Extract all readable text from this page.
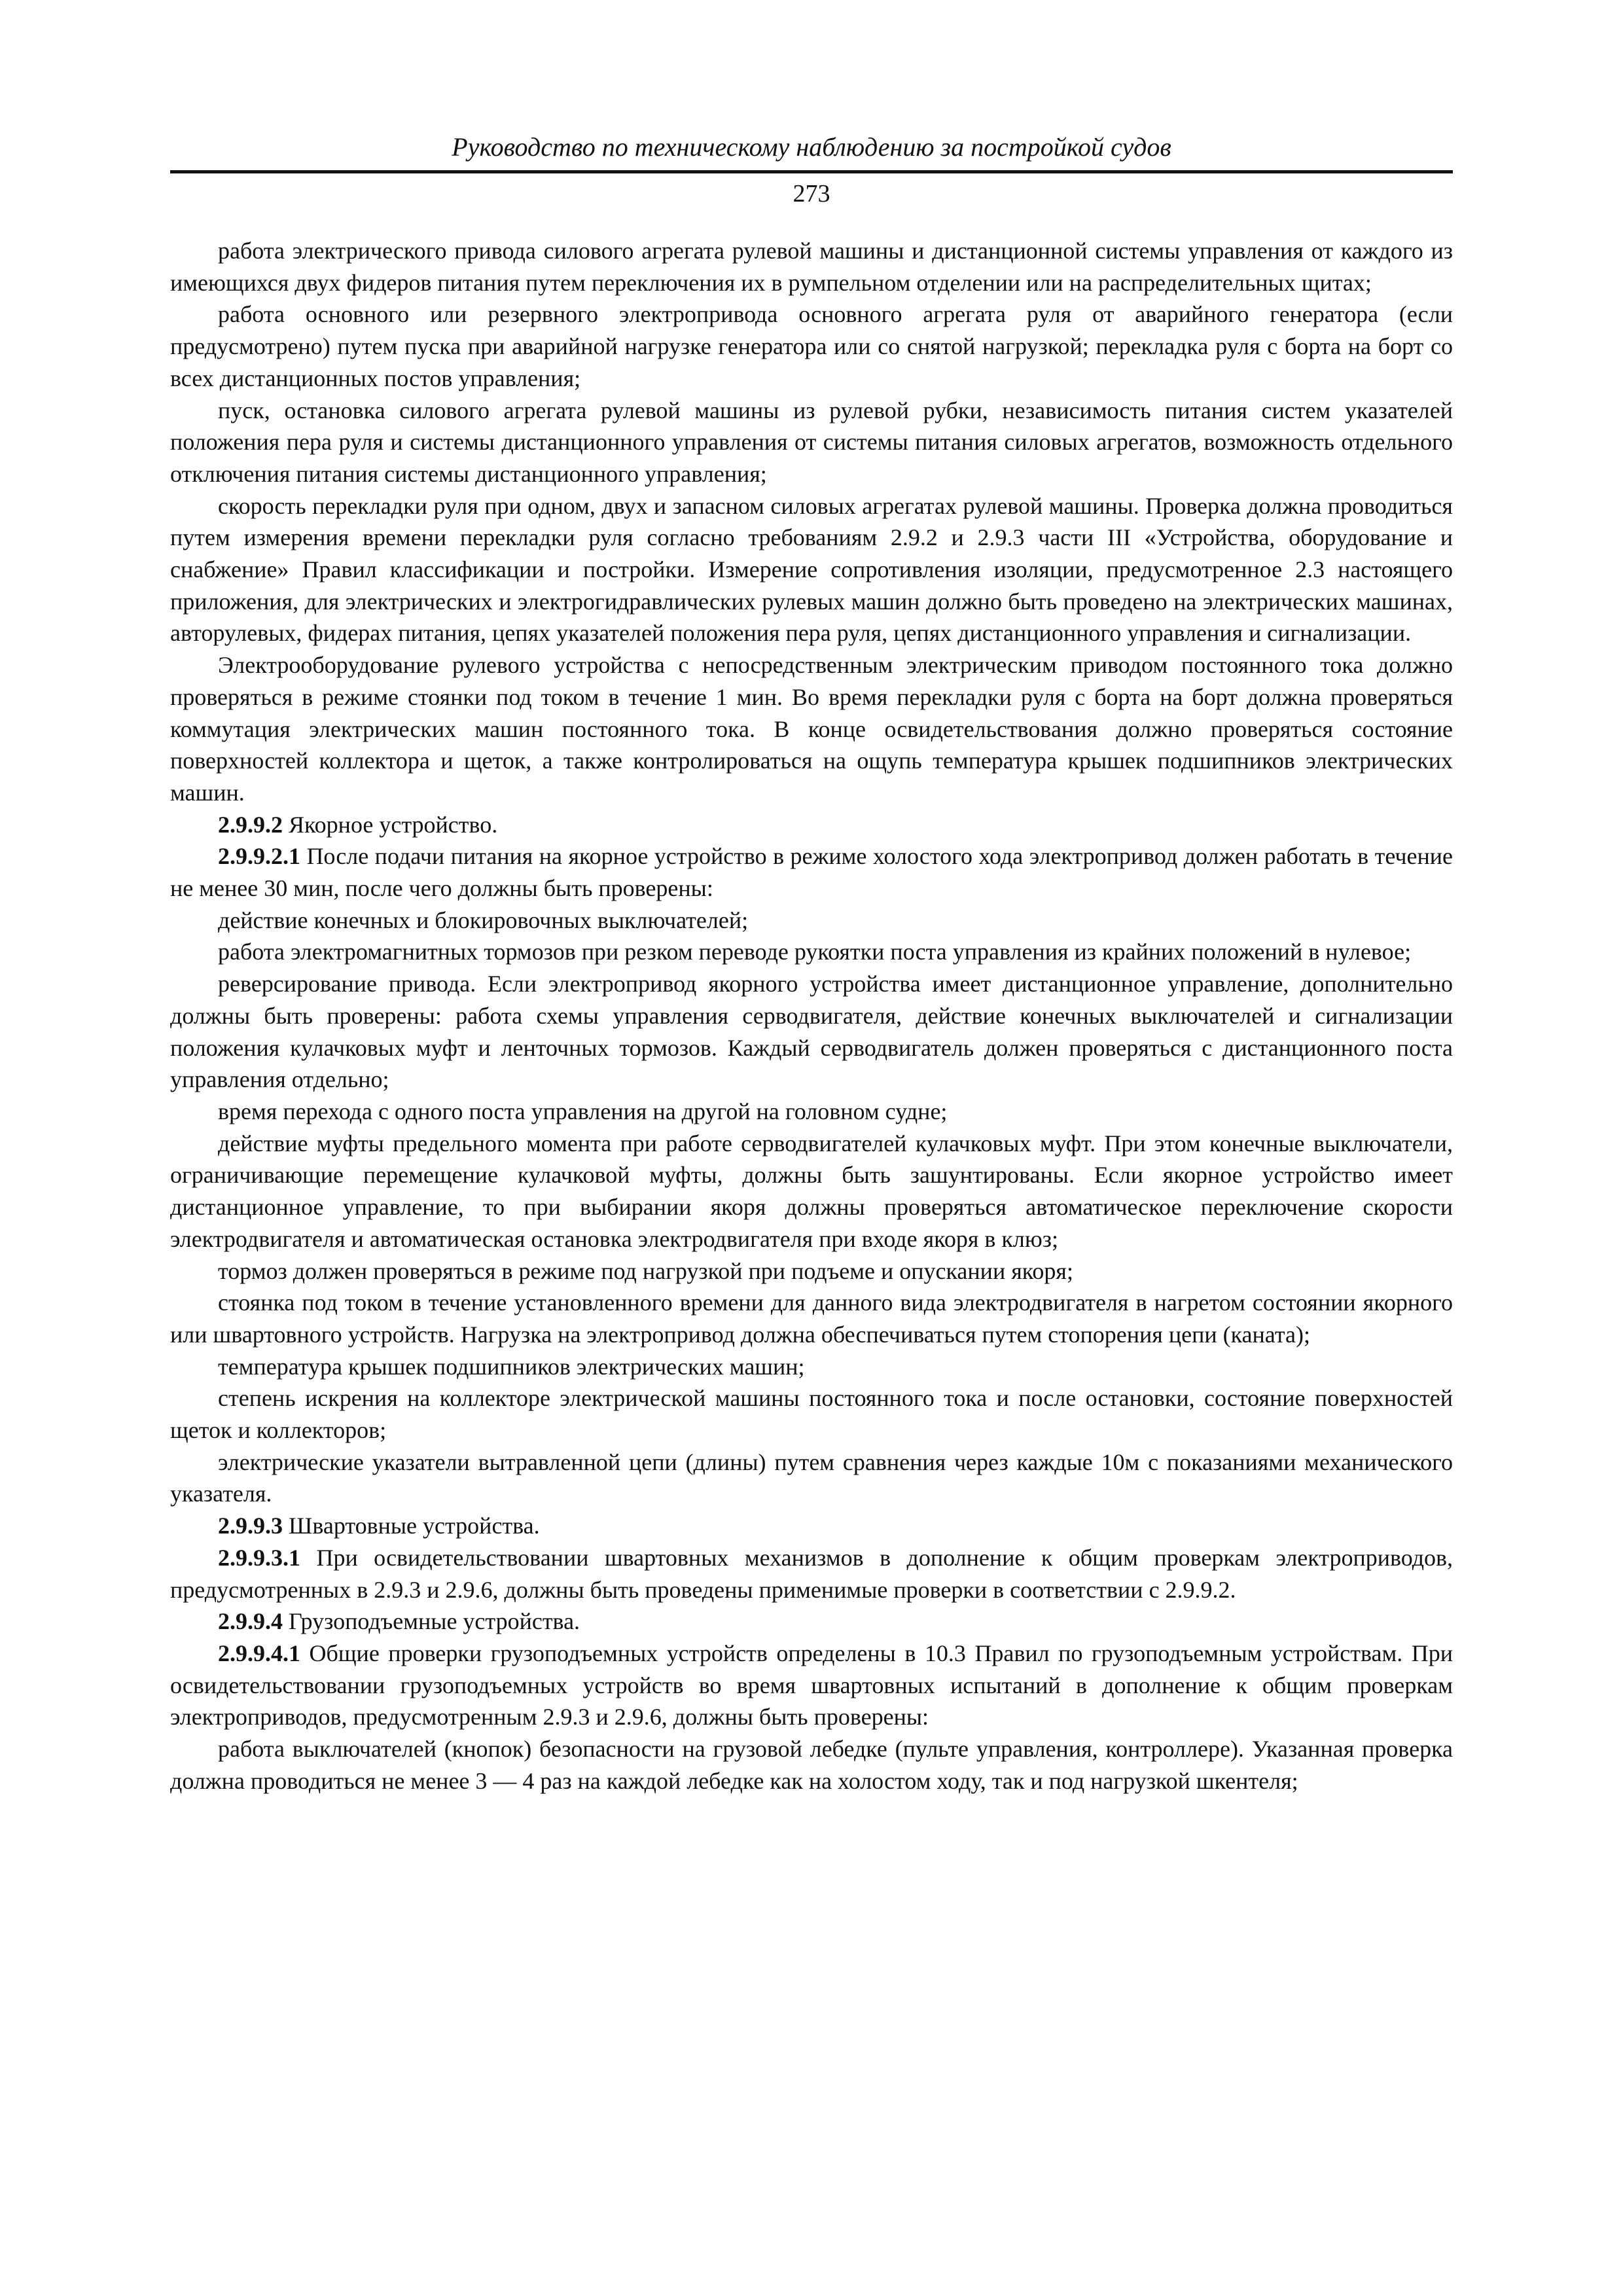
Руководство по техническому наблюдению за постройкой судов
273

работа электрического привода силового агрегата рулевой машины и дистанционной системы управления от каждого из имеющихся двух фидеров питания путем переключения их в румпельном отделении или на распределительных щитах;

работа основного или резервного электропривода основного агрегата руля от аварийного генератора (если предусмотрено) путем пуска при аварийной нагрузке генератора или со снятой нагрузкой; перекладка руля с борта на борт со всех дистанционных постов управления;

пуск, остановка силового агрегата рулевой машины из рулевой рубки, независимость питания систем указателей положения пера руля и системы дистанционного управления от системы питания силовых агрегатов, возможность отдельного отключения питания системы дистанционного управления;

скорость перекладки руля при одном, двух и запасном силовых агрегатах рулевой машины. Проверка должна проводиться путем измерения времени перекладки руля согласно требованиям 2.9.2 и 2.9.3 части III «Устройства, оборудование и снабжение» Правил классификации и постройки. Измерение сопротивления изоляции, предусмотренное 2.3 настоящего приложения, для электрических и электрогидравлических рулевых машин должно быть проведено на электрических машинах, авторулевых, фидерах питания, цепях указателей положения пера руля, цепях дистанционного управления и сигнализации.

Электрооборудование рулевого устройства с непосредственным электрическим приводом постоянного тока должно проверяться в режиме стоянки под током в течение 1 мин. Во время перекладки руля с борта на борт должна проверяться коммутация электрических машин постоянного тока. В конце освидетельствования должно проверяться состояние поверхностей коллектора и щеток, а также контролироваться на ощупь температура крышек подшипников электрических машин.

2.9.9.2 Якорное устройство.

2.9.9.2.1 После подачи питания на якорное устройство в режиме холостого хода электропривод должен работать в течение не менее 30 мин, после чего должны быть проверены:

действие конечных и блокировочных выключателей;

работа электромагнитных тормозов при резком переводе рукоятки поста управления из крайних положений в нулевое;

реверсирование привода. Если электропривод якорного устройства имеет дистанционное управление, дополнительно должны быть проверены: работа схемы управления серводвигателя, действие конечных выключателей и сигнализации положения кулачковых муфт и ленточных тормозов. Каждый серводвигатель должен проверяться с дистанционного поста управления отдельно;

время перехода с одного поста управления на другой на головном судне;

действие муфты предельного момента при работе серводвигателей кулачковых муфт. При этом конечные выключатели, ограничивающие перемещение кулачковой муфты, должны быть зашунтированы. Если якорное устройство имеет дистанционное управление, то при выбирании якоря должны проверяться автоматическое переключение скорости электродвигателя и автоматическая остановка электродвигателя при входе якоря в клюз;

тормоз должен проверяться в режиме под нагрузкой при подъеме и опускании якоря;

стоянка под током в течение установленного времени для данного вида электродвигателя в нагретом состоянии якорного или швартовного устройств. Нагрузка на электропривод должна обеспечиваться путем стопорения цепи (каната);

температура крышек подшипников электрических машин;

степень искрения на коллекторе электрической машины постоянного тока и после остановки, состояние поверхностей щеток и коллекторов;

электрические указатели вытравленной цепи (длины) путем сравнения через каждые 10м с показаниями механического указателя.

2.9.9.3 Швартовные устройства.

2.9.9.3.1 При освидетельствовании швартовных механизмов в дополнение к общим проверкам электроприводов, предусмотренных в 2.9.3 и 2.9.6, должны быть проведены применимые проверки в соответствии с 2.9.9.2.

2.9.9.4 Грузоподъемные устройства.

2.9.9.4.1 Общие проверки грузоподъемных устройств определены в 10.3 Правил по грузоподъемным устройствам. При освидетельствовании грузоподъемных устройств во время швартовных испытаний в дополнение к общим проверкам электроприводов, предусмотренным 2.9.3 и 2.9.6, должны быть проверены:

работа выключателей (кнопок) безопасности на грузовой лебедке (пульте управления, контроллере). Указанная проверка должна проводиться не менее 3 — 4 раз на каждой лебедке как на холостом ходу, так и под нагрузкой шкентеля;
